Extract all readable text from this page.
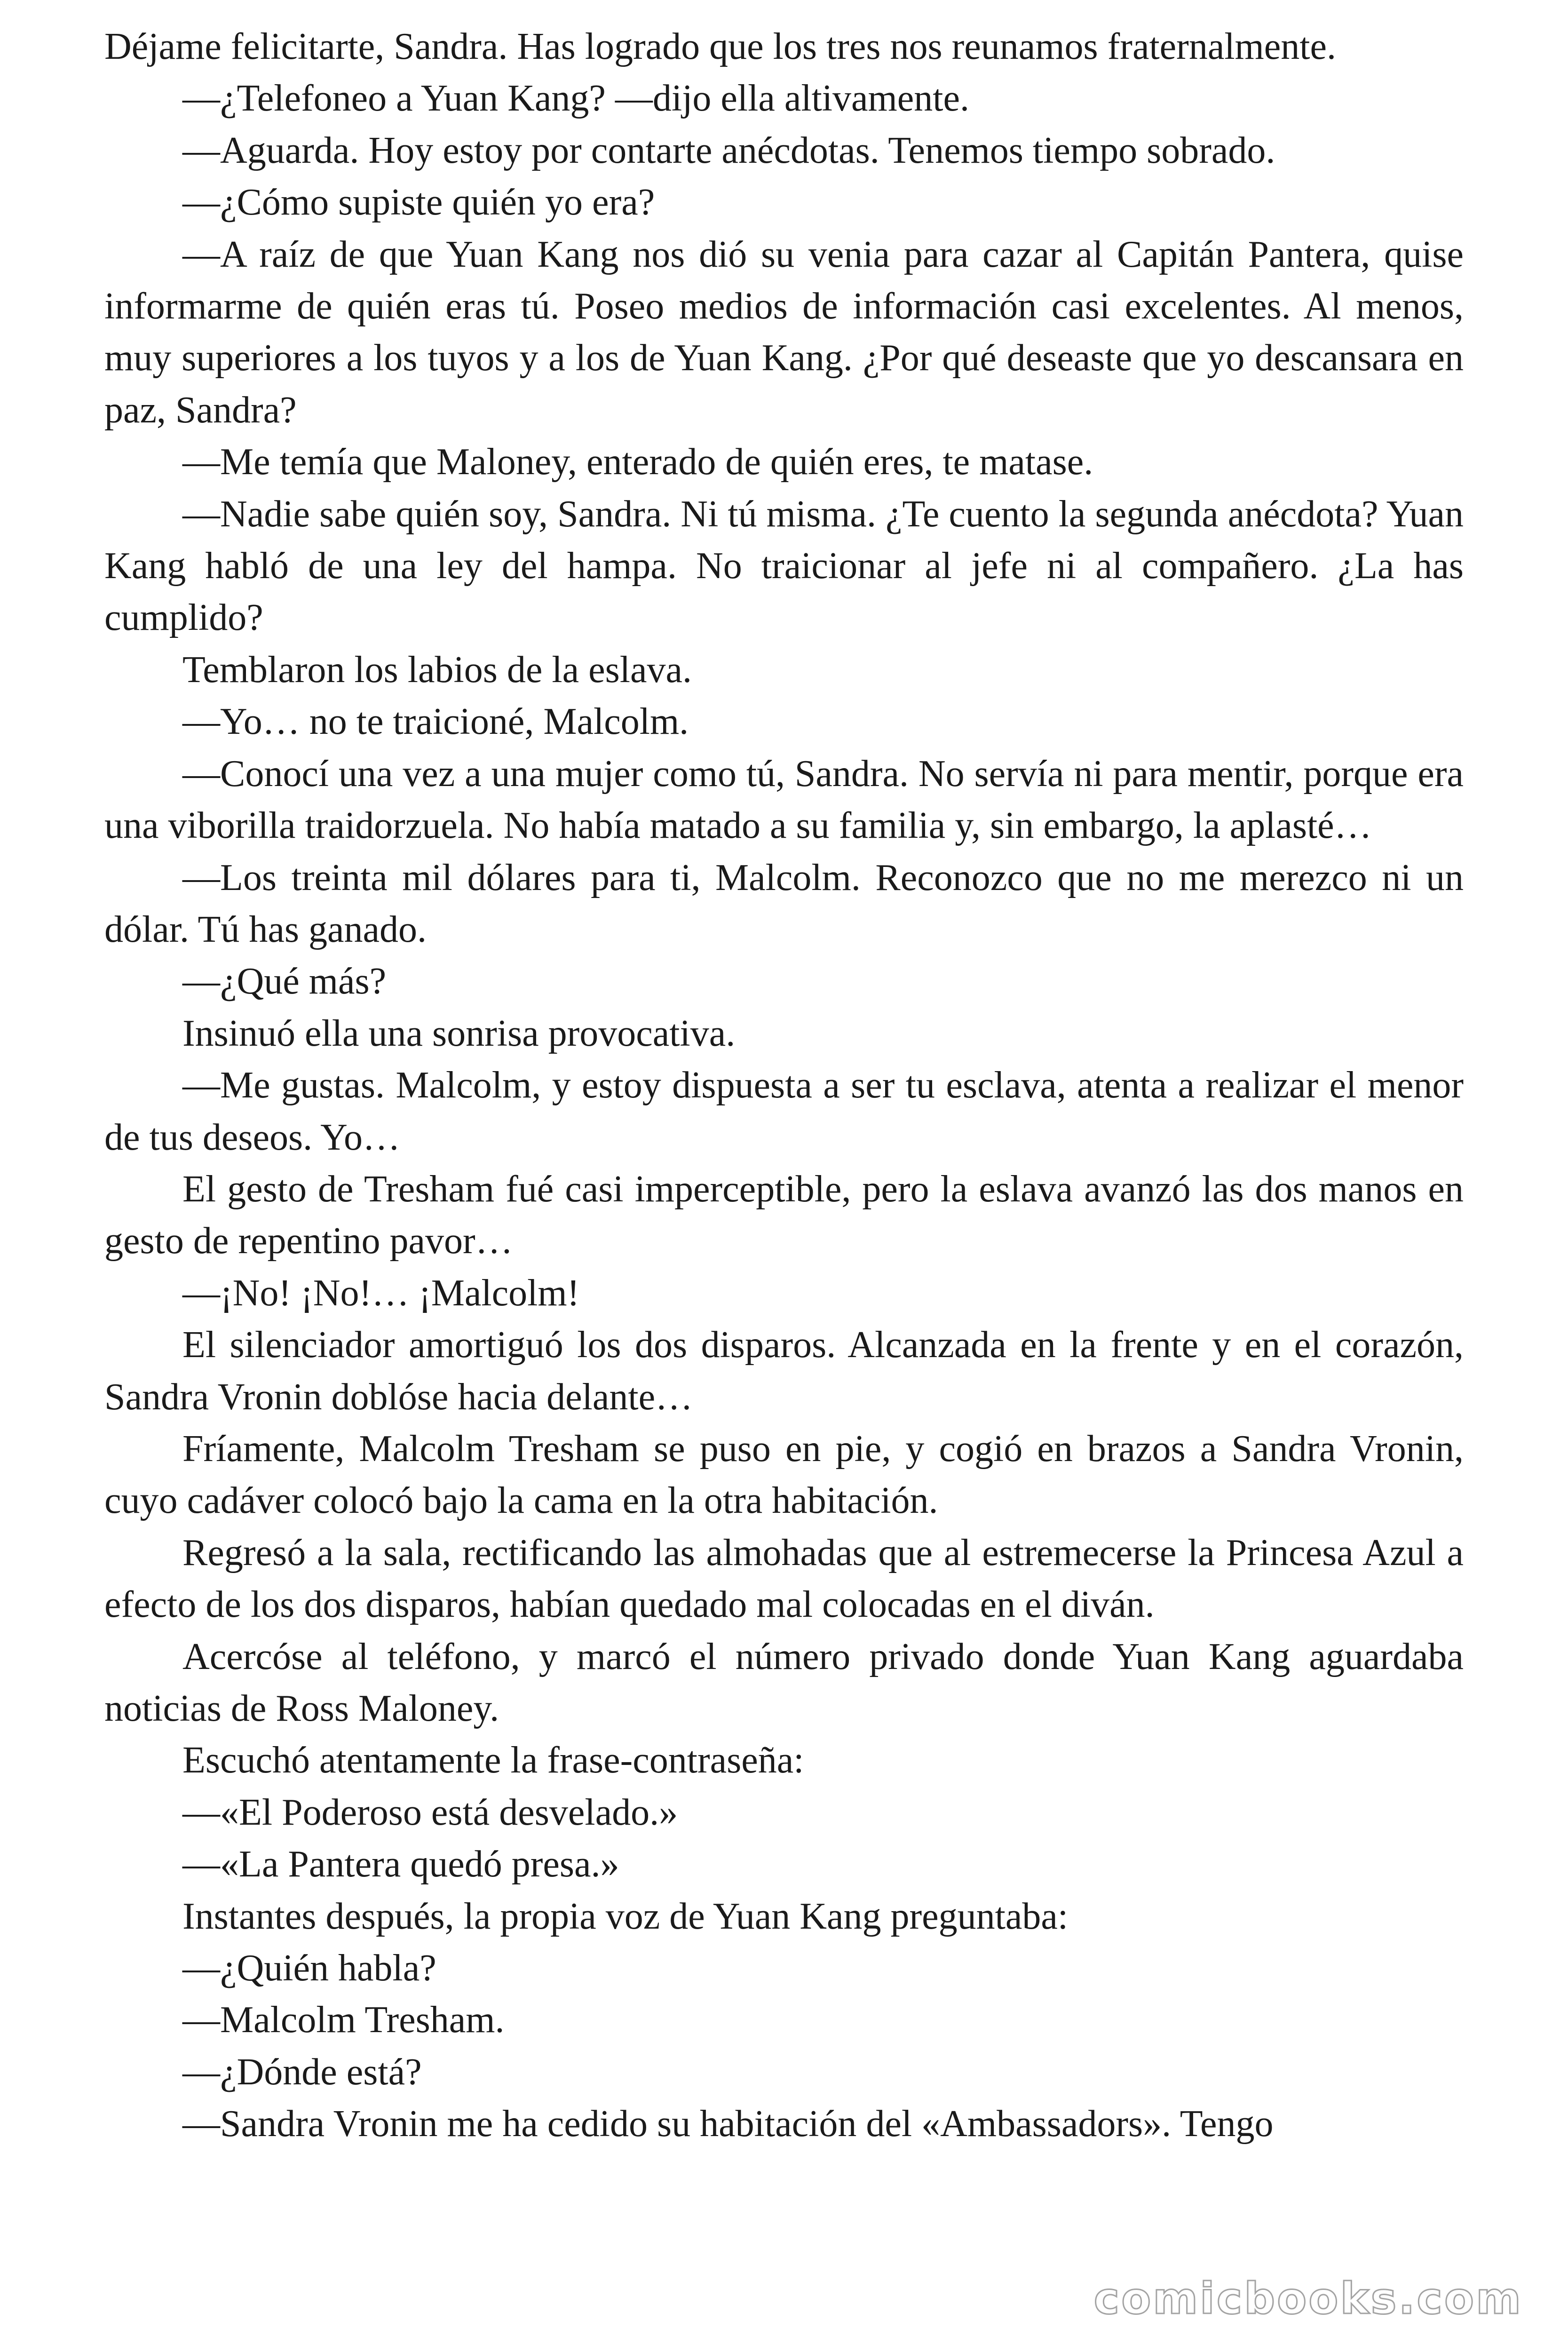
Déjame felicitarte, Sandra. Has logrado que los tres nos reunamos fraternalmente.

—¿Telefoneo a Yuan Kang? —dijo ella altivamente.

—Aguarda. Hoy estoy por contarte anécdotas. Tenemos tiempo sobrado.

—¿Cómo supiste quién yo era?

—A raíz de que Yuan Kang nos dió su venia para cazar al Capitán Pantera, quise informarme de quién eras tú. Poseo medios de información casi excelentes. Al menos, muy superiores a los tuyos y a los de Yuan Kang. ¿Por qué deseaste que yo descansara en paz, Sandra?

—Me temía que Maloney, enterado de quién eres, te matase.

—Nadie sabe quién soy, Sandra. Ni tú misma. ¿Te cuento la segunda anécdota? Yuan Kang habló de una ley del hampa. No traicionar al jefe ni al compañero. ¿La has cumplido?

Temblaron los labios de la eslava.

—Yo… no te traicioné, Malcolm.

—Conocí una vez a una mujer como tú, Sandra. No servía ni para mentir, porque era una viborilla traidorzuela. No había matado a su familia y, sin embargo, la aplasté…

—Los treinta mil dólares para ti, Malcolm. Reconozco que no me merezco ni un dólar. Tú has ganado.

—¿Qué más?

Insinuó ella una sonrisa provocativa.

—Me gustas. Malcolm, y estoy dispuesta a ser tu esclava, atenta a realizar el menor de tus deseos. Yo…

El gesto de Tresham fué casi imperceptible, pero la eslava avanzó las dos manos en gesto de repentino pavor…

—¡No! ¡No!… ¡Malcolm!

El silenciador amortiguó los dos disparos. Alcanzada en la frente y en el corazón, Sandra Vronin doblóse hacia delante…

Fríamente, Malcolm Tresham se puso en pie, y cogió en brazos a Sandra Vronin, cuyo cadáver colocó bajo la cama en la otra habitación.

Regresó a la sala, rectificando las almohadas que al estremecerse la Princesa Azul a efecto de los dos disparos, habían quedado mal colocadas en el diván.

Acercóse al teléfono, y marcó el número privado donde Yuan Kang aguardaba noticias de Ross Maloney.

Escuchó atentamente la frase-contraseña:

—«El Poderoso está desvelado.»

—«La Pantera quedó presa.»

Instantes después, la propia voz de Yuan Kang preguntaba:

—¿Quién habla?

—Malcolm Tresham.

—¿Dónde está?

—Sandra Vronin me ha cedido su habitación del «Ambassadors». Tengo

comicbooks.com
